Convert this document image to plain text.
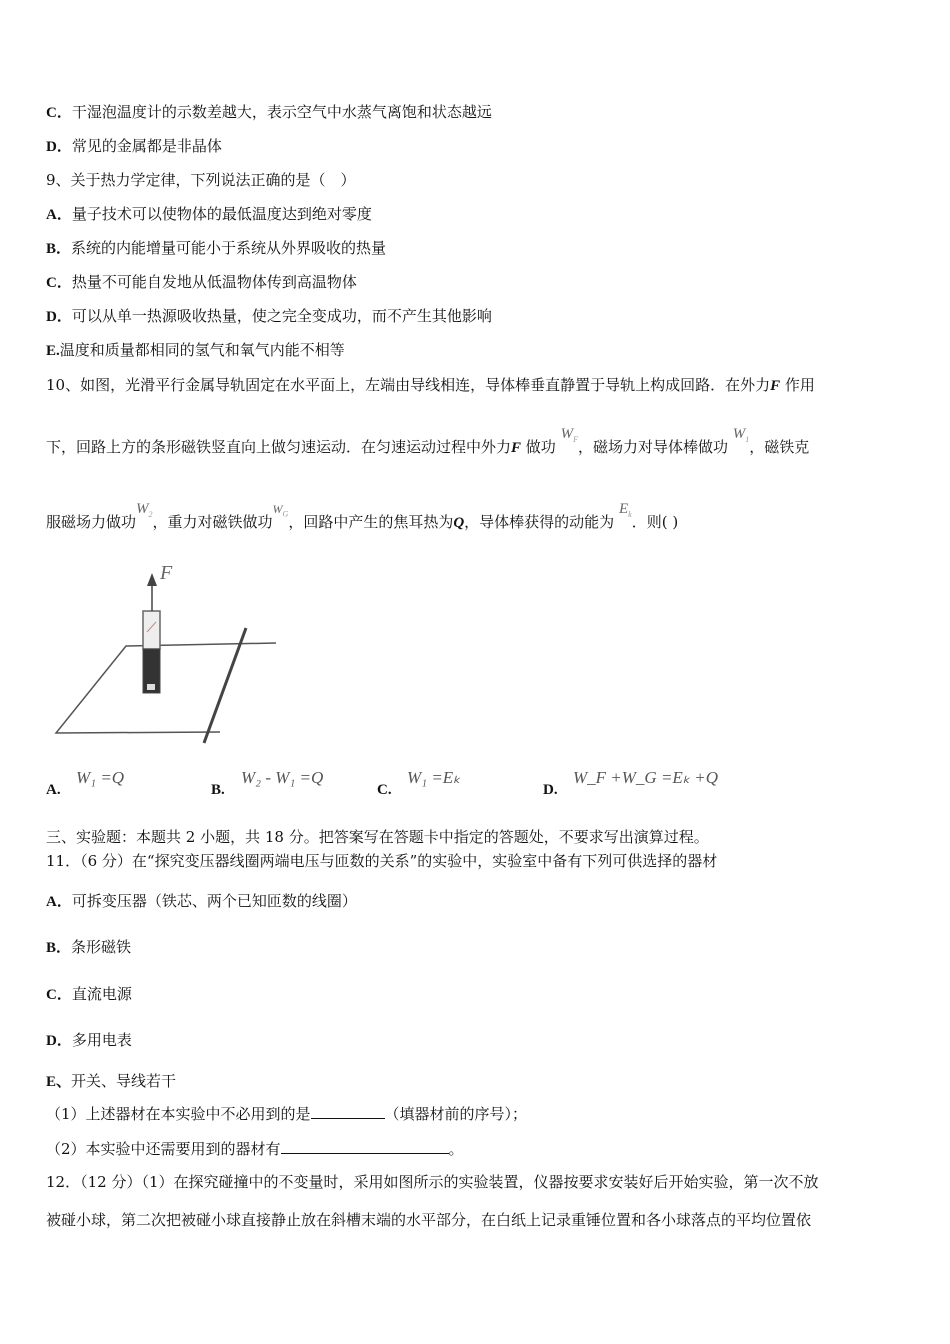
C．干湿泡温度计的示数差越大，表示空气中水蒸气离饱和状态越远
D．常见的金属都是非晶体
9、关于热力学定律，下列说法正确的是（　）
A．量子技术可以使物体的最低温度达到绝对零度
B．系统的内能增量可能小于系统从外界吸收的热量
C．热量不可能自发地从低温物体传到高温物体
D．可以从单一热源吸收热量，使之完全变成功，而不产生其他影响
E.温度和质量都相同的氢气和氧气内能不相等
10、如图，光滑平行金属导轨固定在水平面上，左端由导线相连，导体棒垂直静置于导轨上构成回路．在外力F 作用
下，回路上方的条形磁铁竖直向上做匀速运动．在匀速运动过程中外力F 做功 $W_F$，磁场力对导体棒做功 $W_1$，磁铁克
服磁场力做功$W_2$，重力对磁铁做功$^{W_G}$，回路中产生的焦耳热为Q，导体棒获得的动能为 $E_k$．则( )
F
A.
W₁ =Q
B.
W₂ - W₁ =Q
C.
W₁ =Eₖ
D.
W_F +W_G =Eₖ +Q
三、实验题：本题共 2 小题，共 18 分。把答案写在答题卡中指定的答题处，不要求写出演算过程。
11．（6 分）在“探究变压器线圈两端电压与匝数的关系”的实验中，实验室中备有下列可供选择的器材
A．可拆变压器（铁芯、两个已知匝数的线圈）
B．条形磁铁
C．直流电源
D．多用电表
E、开关、导线若干
（1）上述器材在本实验中不必用到的是	（填器材前的序号）；
（2）本实验中还需要用到的器材有	。
12．（12 分）（1）在探究碰撞中的不变量时，采用如图所示的实验装置，仪器按要求安装好后开始实验，第一次不放
被碰小球，第二次把被碰小球直接静止放在斜槽末端的水平部分，在白纸上记录重锤位置和各小球落点的平均位置依
